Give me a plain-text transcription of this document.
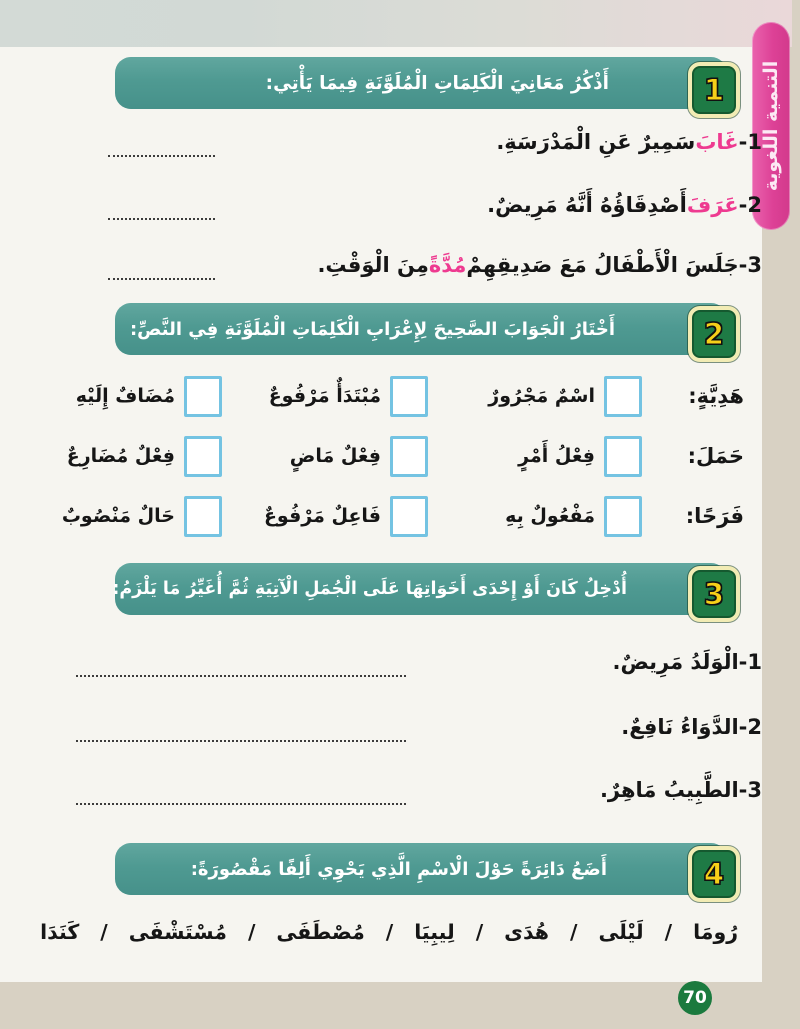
التنمية اللغوية
أَذْكُرُ مَعَانِيَ الْكَلِمَاتِ الْمُلَوَّنَةِ فِيمَا يَأْتِي:	1
1-
غَابَ
سَمِيرٌ عَنِ الْمَدْرَسَةِ.
2-
عَرَفَ
أَصْدِقَاؤُهُ أَنَّهُ مَرِيضٌ.
3-
جَلَسَ الْأَطْفَالُ مَعَ صَدِيقِهِمْ
مُدَّةً
مِنَ الْوَقْتِ.
أَخْتَارُ الْجَوَابَ الصَّحِيحَ لِإِعْرَابِ الْكَلِمَاتِ الْمُلَوَّنَةِ فِي النَّصِّ:	2
هَدِيَّةٍ:
اسْمٌ مَجْرُورٌ
مُبْتَدَأٌ مَرْفُوعٌ
مُضَافٌ إِلَيْهِ
حَمَلَ:
فِعْلُ أَمْرٍ
فِعْلٌ مَاضٍ
فِعْلٌ مُضَارِعٌ
فَرَحًا:
مَفْعُولٌ بِهِ
فَاعِلٌ مَرْفُوعٌ
حَالٌ مَنْصُوبٌ
أُدْخِلُ كَانَ أَوْ إِحْدَى أَخَوَاتِهَا عَلَى الْجُمَلِ الْآتِيَةِ ثُمَّ أُغَيِّرُ مَا يَلْزَمُ:	3
1-
الْوَلَدُ مَرِيضٌ.
2-
الدَّوَاءُ نَافِعٌ.
3-
الطَّبِيبُ مَاهِرٌ.
أَضَعُ دَائِرَةً حَوْلَ الْاسْمِ الَّذِي يَحْوِي أَلِفًا مَقْصُورَةً:	4
رُومَا
/
لَيْلَى
/
هُدَى
/
لِيبِيَا
/
مُصْطَفَى
/
مُسْتَشْفَى
/
كَنَدَا
70
